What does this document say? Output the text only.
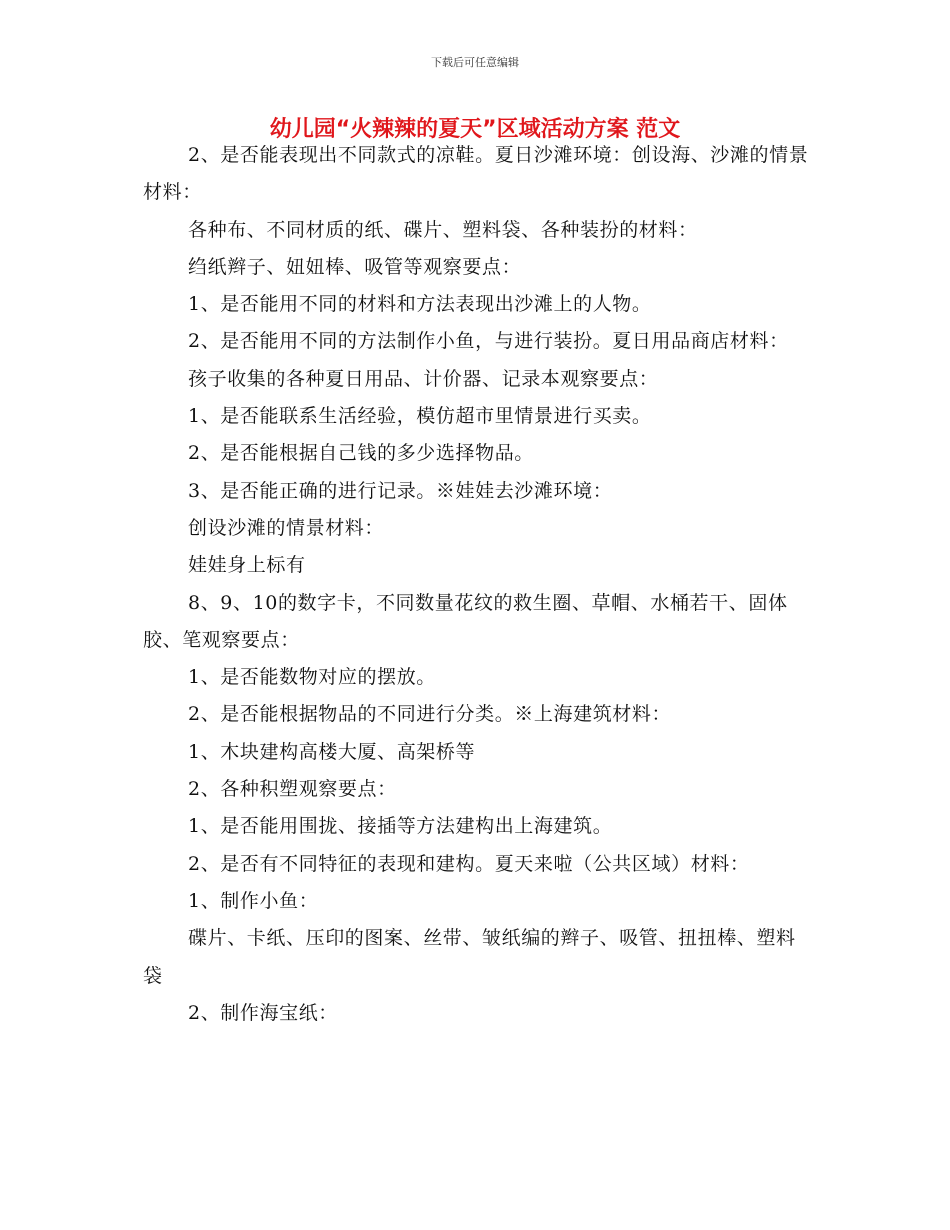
下载后可任意编辑
幼儿园“火辣辣的夏天”区域活动方案 范文

2、是否能表现出不同款式的凉鞋。夏日沙滩环境：创设海、沙滩的情景材料：

各种布、不同材质的纸、碟片、塑料袋、各种装扮的材料：

绉纸辫子、妞妞棒、吸管等观察要点：

1、是否能用不同的材料和方法表现出沙滩上的人物。

2、是否能用不同的方法制作小鱼，与进行装扮。夏日用品商店材料：

孩子收集的各种夏日用品、计价器、记录本观察要点：

1、是否能联系生活经验，模仿超市里情景进行买卖。

2、是否能根据自己钱的多少选择物品。

3、是否能正确的进行记录。※娃娃去沙滩环境：

创设沙滩的情景材料：

娃娃身上标有

8、9、10的数字卡，不同数量花纹的救生圈、草帽、水桶若干、固体胶、笔观察要点：

1、是否能数物对应的摆放。

2、是否能根据物品的不同进行分类。※上海建筑材料：

1、木块建构高楼大厦、高架桥等

2、各种积塑观察要点：

1、是否能用围拢、接插等方法建构出上海建筑。

2、是否有不同特征的表现和建构。夏天来啦（公共区域）材料：

1、制作小鱼：

碟片、卡纸、压印的图案、丝带、皱纸编的辫子、吸管、扭扭棒、塑料袋

2、制作海宝纸：
